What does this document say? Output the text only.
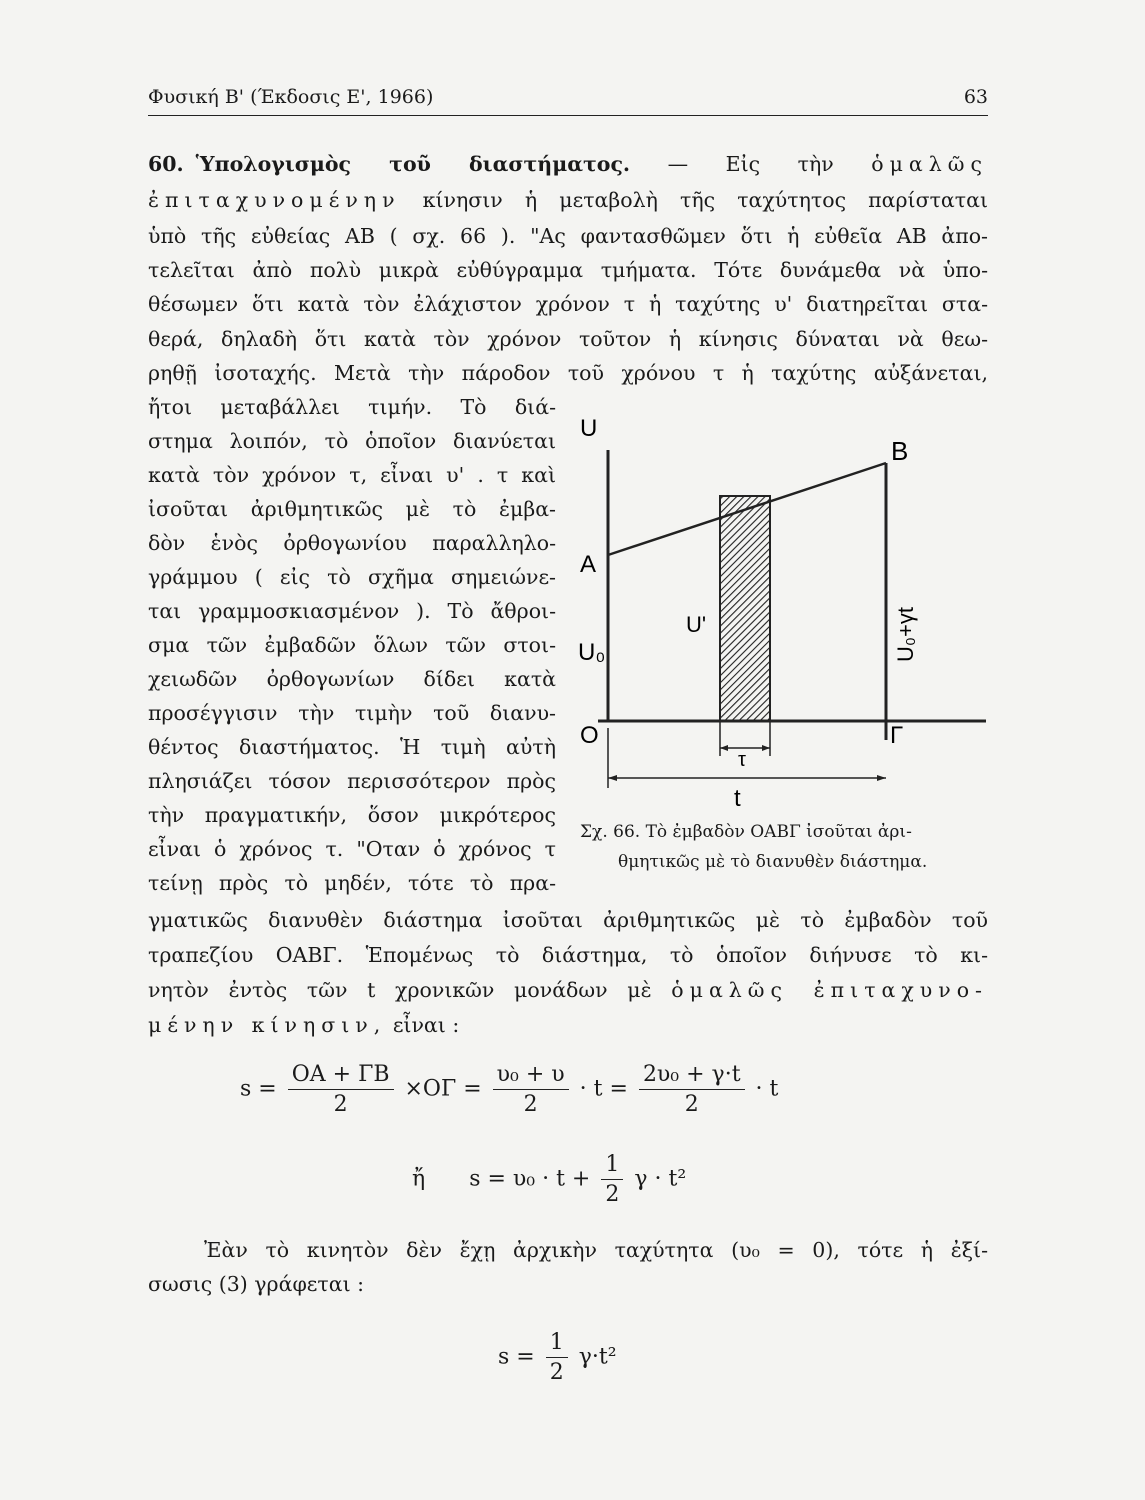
Φυσική Β' (Έκδοσις Ε', 1966)	63
60. Ὑπολογισμὸς τοῦ διαστήματος. — Εἰς τὴν ὁμαλῶς
ἐπιταχυνομένην κίνησιν ἡ μεταβολὴ τῆς ταχύτητος παρίσταται
ὑπὸ τῆς εὐθείας ΑΒ ( σχ. 66 ). "Ας φαντασθῶμεν ὅτι ἡ εὐθεῖα ΑΒ ἀπο-
τελεῖται ἀπὸ πολὺ μικρὰ εὐθύγραμμα τμήματα. Τότε δυνάμεθα νὰ ὑπο-
θέσωμεν ὅτι κατὰ τὸν ἐλάχιστον χρόνον τ ἡ ταχύτης υ' διατηρεῖται στα-
θερά, δηλαδὴ ὅτι κατὰ τὸν χρόνον τοῦτον ἡ κίνησις δύναται νὰ θεω-
ρηθῇ ἰσοταχής. Μετὰ τὴν πάροδον τοῦ χρόνου τ ἡ ταχύτης αὐξάνεται,
ἤτοι μεταβάλλει τιμήν. Τὸ διά-
στημα λοιπόν, τὸ ὁποῖον διανύεται
κατὰ τὸν χρόνον τ, εἶναι υ' . τ καὶ
ἰσοῦται ἀριθμητικῶς μὲ τὸ ἐμβα-
δὸν ἑνὸς ὀρθογωνίου παραλληλο-
γράμμου ( εἰς τὸ σχῆμα σημειώνε-
ται γραμμοσκιασμένον ). Τὸ ἄθροι-
σμα τῶν ἐμβαδῶν ὅλων τῶν στοι-
χειωδῶν ὀρθογωνίων δίδει κατὰ
προσέγγισιν τὴν τιμὴν τοῦ διανυ-
θέντος διαστήματος. Ἡ τιμὴ αὐτὴ
πλησιάζει τόσον περισσότερον πρὸς
τὴν πραγματικήν, ὅσον μικρότερος
εἶναι ὁ χρόνος τ. "Οταν ὁ χρόνος τ
τείνῃ πρὸς τὸ μηδέν, τότε τὸ πρα-
U
B
A
U'
U₀
O	Γ
τ
t
U₀+γt
Σχ. 66. Τὸ ἐμβαδὸν ΟΑΒΓ ἰσοῦται ἀρι-
θμητικῶς μὲ τὸ διανυθὲν διάστημα.
γματικῶς διανυθὲν διάστημα ἰσοῦται ἀριθμητικῶς μὲ τὸ ἐμβαδὸν τοῦ
τραπεζίου ΟΑΒΓ. Ἑπομένως τὸ διάστημα, τὸ ὁποῖον διήνυσε τὸ κι-
νητὸν ἐντὸς τῶν t χρονικῶν μονάδων μὲ ὁμαλῶς ἐπιταχυνο-
μένην κίνησιν, εἶναι :
$s = \frac{OA + \Gamma B}{2} \times O\Gamma = \frac{\text{υ₀ + υ}}{2} \cdot t = \frac{\text{2υ₀ + γ·t}}{2} \cdot t$
ἤ $s = \upsilon_0 \cdot t + \frac{1}{2}$ γ · t²
Ἐὰν τὸ κινητὸν δὲν ἔχῃ ἀρχικὴν ταχύτητα (υ₀ = 0), τότε ἡ ἐξί-
σωσις (3) γράφεται :
$s = \frac{1}{2} \gamma\cdot t^2$
